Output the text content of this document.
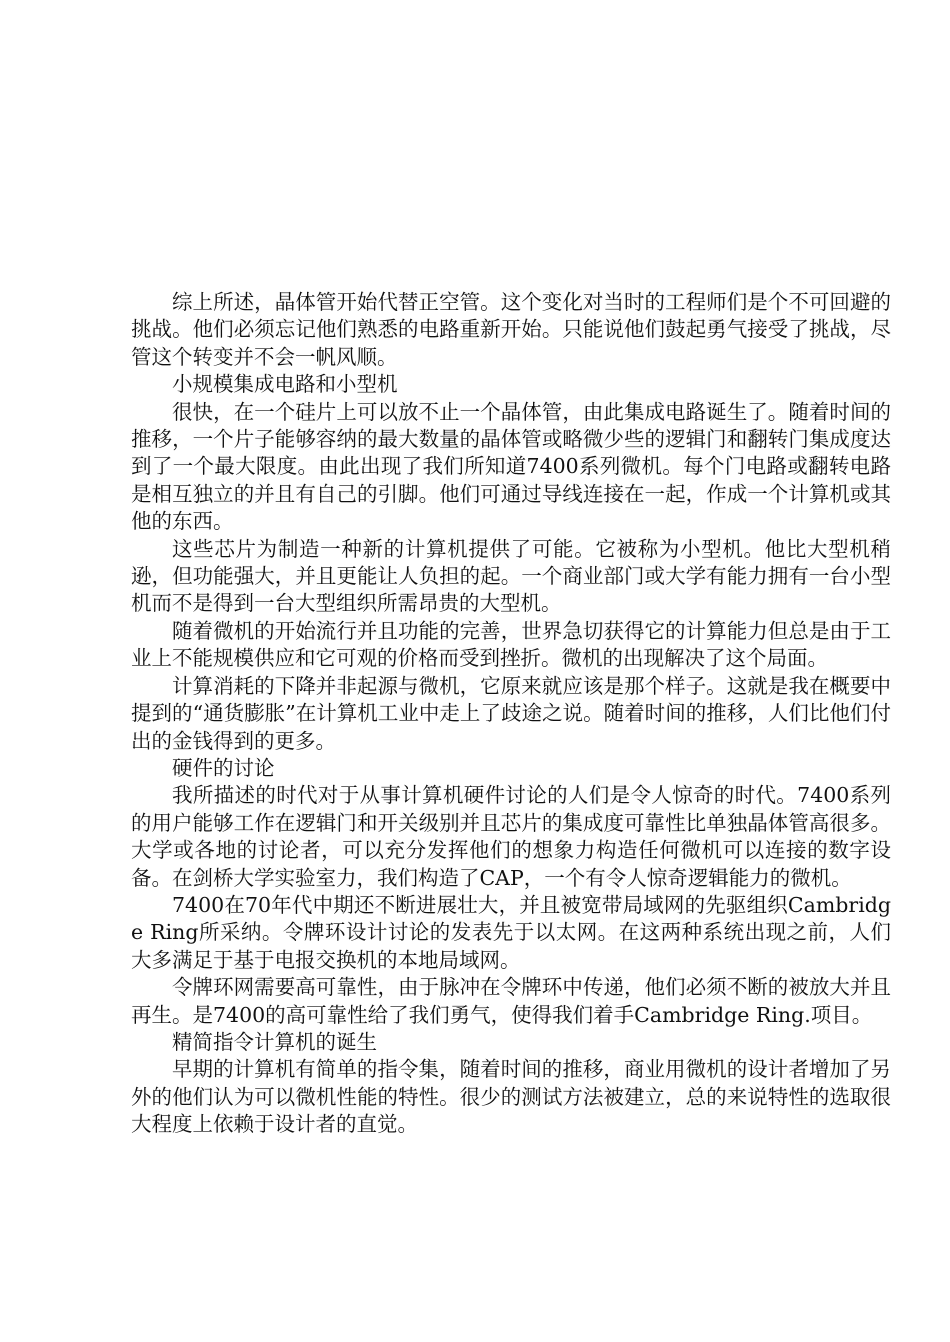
综上所述，晶体管开始代替正空管。这个变化对当时的工程师们是个不可回避的挑战。他们必须忘记他们熟悉的电路重新开始。只能说他们鼓起勇气接受了挑战，尽管这个转变并不会一帆风顺。

小规模集成电路和小型机

很快，在一个硅片上可以放不止一个晶体管，由此集成电路诞生了。随着时间的推移，一个片子能够容纳的最大数量的晶体管或略微少些的逻辑门和翻转门集成度达到了一个最大限度。由此出现了我们所知道7400系列微机。每个门电路或翻转电路是相互独立的并且有自己的引脚。他们可通过导线连接在一起，作成一个计算机或其他的东西。

这些芯片为制造一种新的计算机提供了可能。它被称为小型机。他比大型机稍逊，但功能强大，并且更能让人负担的起。一个商业部门或大学有能力拥有一台小型机而不是得到一台大型组织所需昂贵的大型机。

随着微机的开始流行并且功能的完善，世界急切获得它的计算能力但总是由于工业上不能规模供应和它可观的价格而受到挫折。微机的出现解决了这个局面。

计算消耗的下降并非起源与微机，它原来就应该是那个样子。这就是我在概要中提到的“通货膨胀”在计算机工业中走上了歧途之说。随着时间的推移，人们比他们付出的金钱得到的更多。

硬件的讨论

我所描述的时代对于从事计算机硬件讨论的人们是令人惊奇的时代。7400系列的用户能够工作在逻辑门和开关级别并且芯片的集成度可靠性比单独晶体管高很多。大学或各地的讨论者，可以充分发挥他们的想象力构造任何微机可以连接的数字设备。在剑桥大学实验室力，我们构造了CAP，一个有令人惊奇逻辑能力的微机。

7400在70年代中期还不断进展壮大，并且被宽带局域网的先驱组织Cambridge Ring所采纳。令牌环设计讨论的发表先于以太网。在这两种系统出现之前，人们大多满足于基于电报交换机的本地局域网。

令牌环网需要高可靠性，由于脉冲在令牌环中传递，他们必须不断的被放大并且再生。是7400的高可靠性给了我们勇气，使得我们着手Cambridge Ring.项目。

精简指令计算机的诞生

早期的计算机有简单的指令集，随着时间的推移，商业用微机的设计者增加了另外的他们认为可以微机性能的特性。很少的测试方法被建立，总的来说特性的选取很大程度上依赖于设计者的直觉。
